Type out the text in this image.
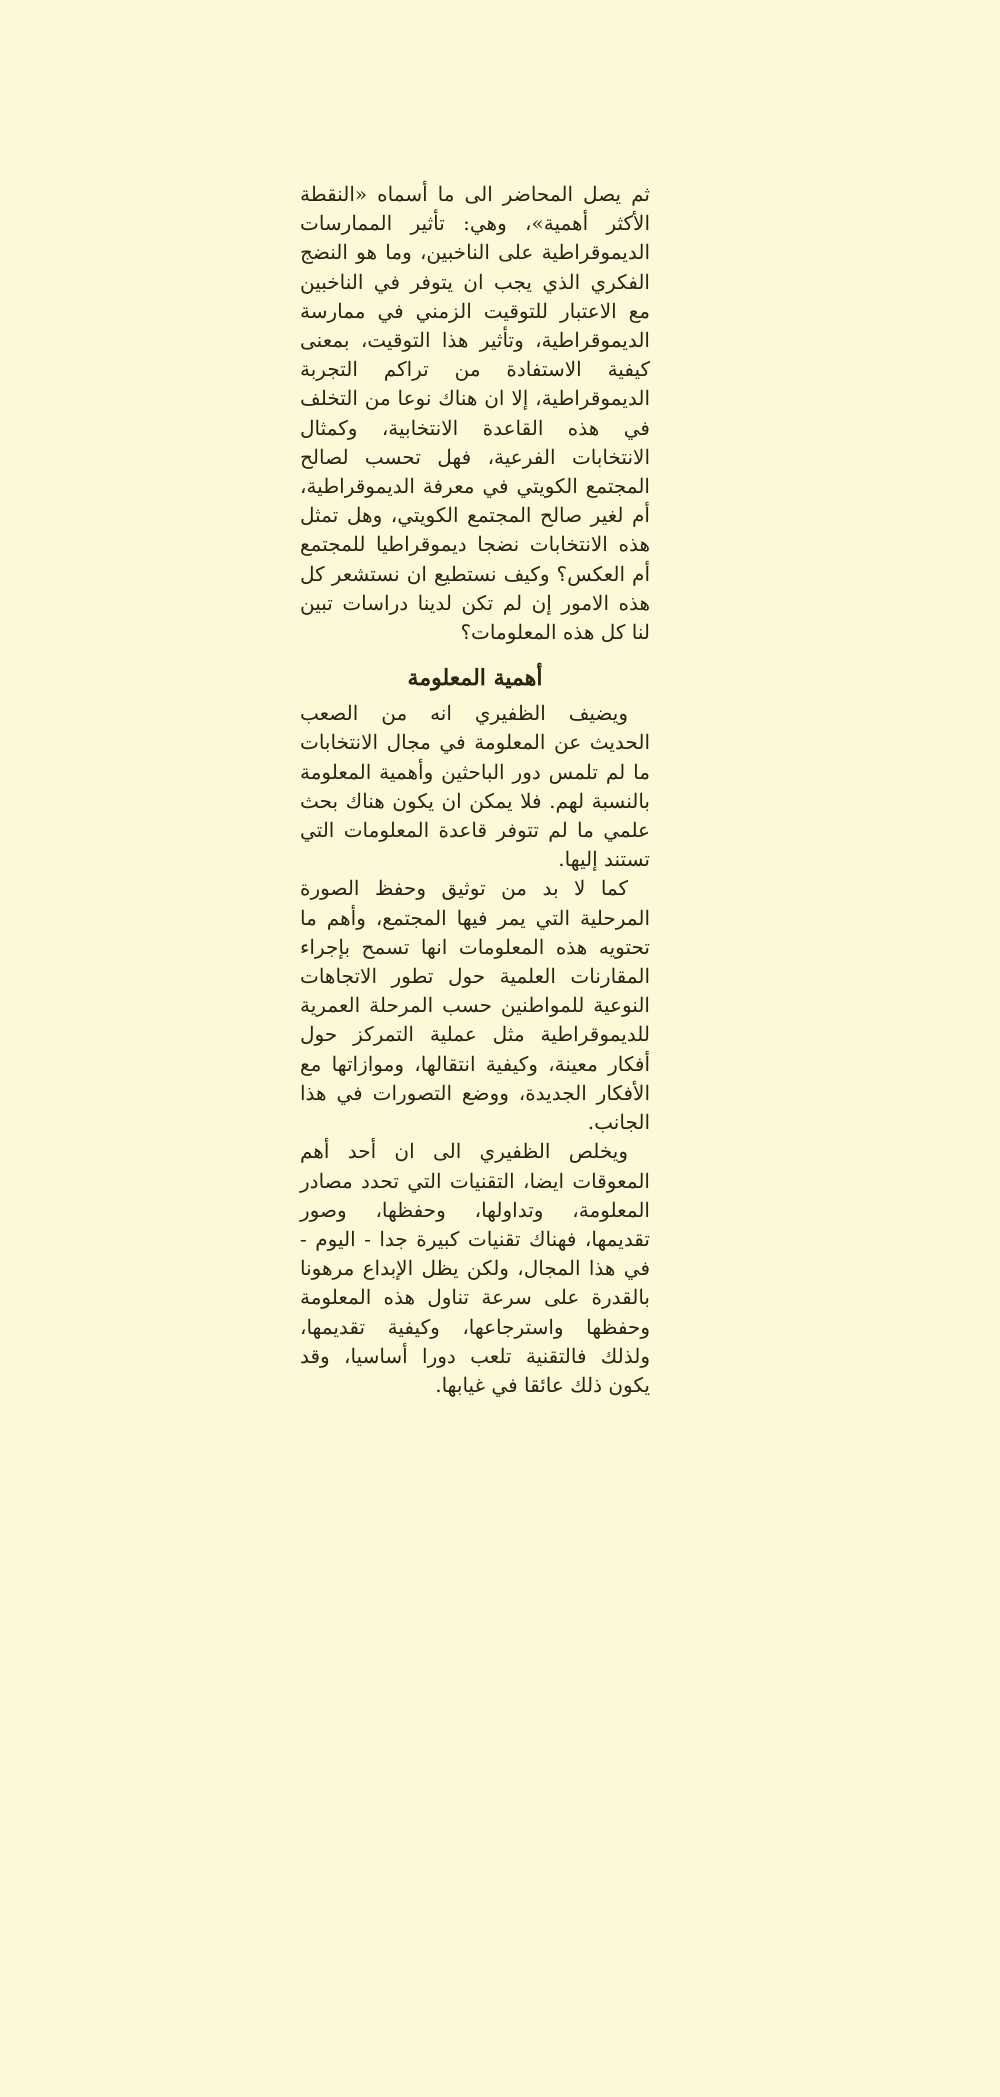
ثم يصل المحاضر الى ما أسماه «النقطة الأكثر أهمية»، وهي: تأثير الممارسات الديموقراطية على الناخبين، وما هو النضج الفكري الذي يجب ان يتوفر في الناخبين مع الاعتبار للتوقيت الزمني في ممارسة الديموقراطية، وتأثير هذا التوقيت، بمعنى كيفية الاستفادة من تراكم التجربة الديموقراطية، إلا ان هناك نوعا من التخلف في هذه القاعدة الانتخابية، وكمثال الانتخابات الفرعية، فهل تحسب لصالح المجتمع الكويتي في معرفة الديموقراطية، أم لغير صالح المجتمع الكويتي، وهل تمثل هذه الانتخابات نضجا ديموقراطيا للمجتمع أم العكس؟ وكيف نستطيع ان نستشعر كل هذه الامور إن لم تكن لدينا دراسات تبين لنا كل هذه المعلومات؟

أهمية المعلومة

ويضيف الظفيري انه من الصعب الحديث عن المعلومة في مجال الانتخابات ما لم تلمس دور الباحثين وأهمية المعلومة بالنسبة لهم. فلا يمكن ان يكون هناك بحث علمي ما لم تتوفر قاعدة المعلومات التي تستند إليها.

كما لا بد من توثيق وحفظ الصورة المرحلية التي يمر فيها المجتمع، وأهم ما تحتويه هذه المعلومات انها تسمح بإجراء المقارنات العلمية حول تطور الاتجاهات النوعية للمواطنين حسب المرحلة العمرية للديموقراطية مثل عملية التمركز حول أفكار معينة، وكيفية انتقالها، وموازاتها مع الأفكار الجديدة، ووضع التصورات في هذا الجانب.

ويخلص الظفيري الى ان أحد أهم المعوقات ايضا، التقنيات التي تحدد مصادر المعلومة، وتداولها، وحفظها، وصور تقديمها، فهناك تقنيات كبيرة جدا - اليوم - في هذا المجال، ولكن يظل الإبداع مرهونا بالقدرة على سرعة تناول هذه المعلومة وحفظها واسترجاعها، وكيفية تقديمها، ولذلك فالتقنية تلعب دورا أساسيا، وقد يكون ذلك عائقا في غيابها.
